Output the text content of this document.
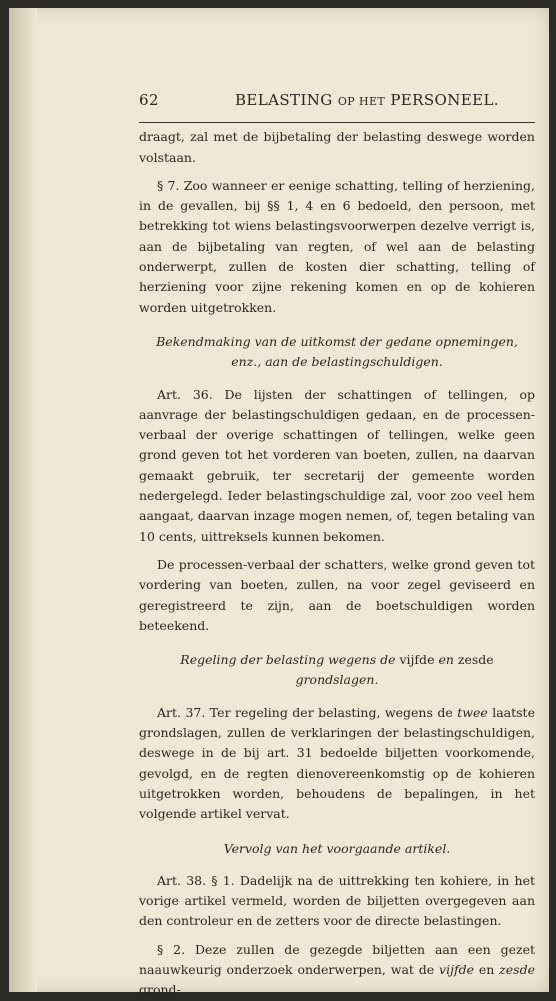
62	BELASTING OP HET PERSONEEL.

draagt, zal met de bijbetaling der belasting deswege worden volstaan.

§ 7. Zoo wanneer er eenige schatting, telling of herziening, in de gevallen, bij §§ 1, 4 en 6 bedoeld, den persoon, met betrekking tot wiens belastingsvoorwerpen dezelve verrigt is, aan de bijbetaling van regten, of wel aan de belasting onderwerpt, zullen de kosten dier schatting, telling of herziening voor zijne rekening komen en op de kohieren worden uitgetrokken.

Bekendmaking van de uitkomst der gedane opnemingen,
enz., aan de belastingschuldigen.

Art. 36. De lijsten der schattingen of tellingen, op aanvrage der belastingschuldigen gedaan, en de processen-verbaal der overige schattingen of tellingen, welke geen grond geven tot het vorderen van boeten, zullen, na daarvan gemaakt gebruik, ter secretarij der gemeente worden nedergelegd. Ieder belastingschuldige zal, voor zoo veel hem aangaat, daarvan inzage mogen nemen, of, tegen betaling van 10 cents, uittreksels kunnen bekomen.

De processen-verbaal der schatters, welke grond geven tot vordering van boeten, zullen, na voor zegel geviseerd en geregistreerd te zijn, aan de boetschuldigen worden beteekend.

Regeling der belasting wegens de vijfde en zesde grondslagen.

Art. 37. Ter regeling der belasting, wegens de twee laatste grondslagen, zullen de verklaringen der belastingschuldigen, deswege in de bij art. 31 bedoelde biljetten voorkomende, gevolgd, en de regten dienovereenkomstig op de kohieren uitgetrokken worden, behoudens de bepalingen, in het volgende artikel vervat.

Vervolg van het voorgaande artikel.

Art. 38. § 1. Dadelijk na de uittrekking ten kohiere, in het vorige artikel vermeld, worden de biljetten overgegeven aan den controleur en de zetters voor de directe belastingen.

§ 2. Deze zullen de gezegde biljetten aan een gezet naauwkeurig onderzoek onderwerpen, wat de vijfde en zesde grond-
